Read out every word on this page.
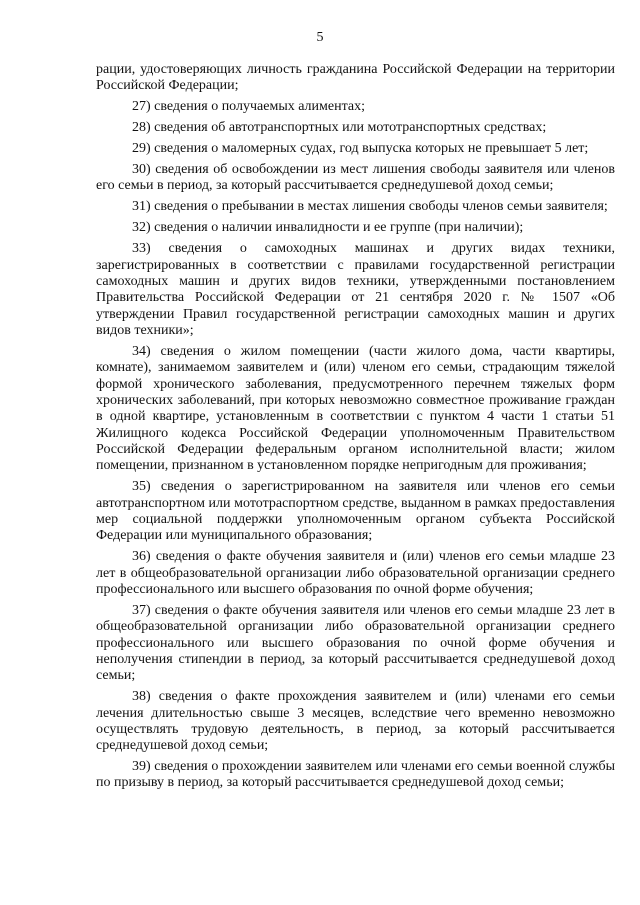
5

рации, удостоверяющих личность гражданина Российской Федерации на территории Российской Федерации;

27) сведения о получаемых алиментах;

28) сведения об автотранспортных или мототранспортных средствах;

29) сведения о маломерных судах, год выпуска которых не превышает 5 лет;

30) сведения об освобождении из мест лишения свободы заявителя или членов его семьи в период, за который рассчитывается среднедушевой доход семьи;

31) сведения о пребывании в местах лишения свободы членов семьи заявителя;

32) сведения о наличии инвалидности и ее группе (при наличии);

33) сведения о самоходных машинах и других видах техники, зарегистрированных в соответствии с правилами государственной регистрации самоходных машин и других видов техники, утвержденными постановлением Правительства Российской Федерации от 21 сентября 2020 г. № 1507 «Об утверждении Правил государственной регистрации самоходных машин и других видов техники»;

34) сведения о жилом помещении (части жилого дома, части квартиры, комнате), занимаемом заявителем и (или) членом его семьи, страдающим тяжелой формой хронического заболевания, предусмотренного перечнем тяжелых форм хронических заболеваний, при которых невозможно совместное проживание граждан в одной квартире, установленным в соответствии с пунктом 4 части 1 статьи 51 Жилищного кодекса Российской Федерации уполномоченным Правительством Российской Федерации федеральным органом исполнительной власти; жилом помещении, признанном в установленном порядке непригодным для проживания;

35) сведения о зарегистрированном на заявителя или членов его семьи автотранспортном или мототраспортном средстве, выданном в рамках предоставления мер социальной поддержки уполномоченным органом субъекта Российской Федерации или муниципального образования;

36) сведения о факте обучения заявителя и (или) членов его семьи младше 23 лет в общеобразовательной организации либо образовательной организации среднего профессионального или высшего образования по очной форме обучения;

37) сведения о факте обучения заявителя или членов его семьи младше 23 лет в общеобразовательной организации либо образовательной организации среднего профессионального или высшего образования по очной форме обучения и неполучения стипендии в период, за который рассчитывается среднедушевой доход семьи;

38) сведения о факте прохождения заявителем и (или) членами его семьи лечения длительностью свыше 3 месяцев, вследствие чего временно невозможно осуществлять трудовую деятельность, в период, за который рассчитывается среднедушевой доход семьи;

39) сведения о прохождении заявителем или членами его семьи военной службы по призыву в период, за который рассчитывается среднедушевой доход семьи;
